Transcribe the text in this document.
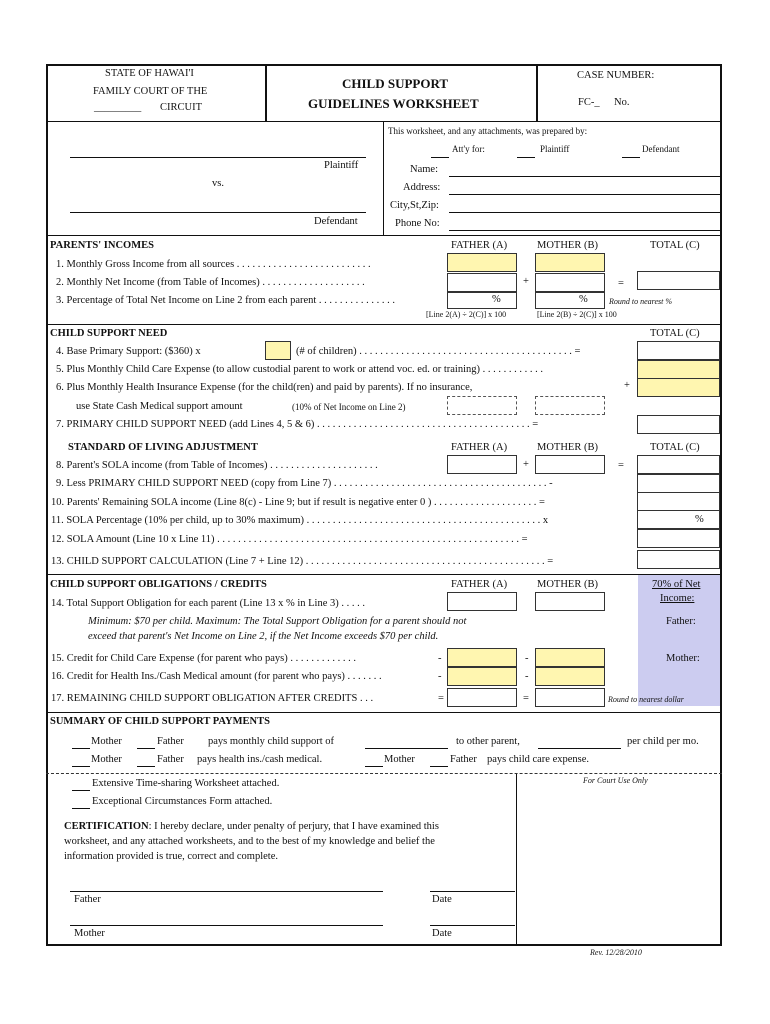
STATE OF HAWAI'I
FAMILY COURT OF THE
_________ CIRCUIT
CHILD SUPPORT
GUIDELINES WORKSHEET
CASE NUMBER:
FC-_ No.
This worksheet, and any attachments, was prepared by:
Att'y for:	Plaintiff	Defendant
Plaintiff
vs.
Defendant
Name:
Address:
City,St,Zip:
Phone No:
PARENTS' INCOMES	FATHER (A)	MOTHER (B)	TOTAL (C)
1. Monthly Gross Income from all sources . . . . . . . . . . . . . . . . . . . . . . . . . .
2. Monthly Net Income (from Table of Incomes) . . . . . . . . . . . . . . . . . . . .	+	=
3. Percentage of Total Net Income on Line 2 from each parent . . . . . . . . . . . . . . .	%	%	Round to nearest %
[Line 2(A) ÷ 2(C)] x 100	[Line 2(B) ÷ 2(C)] x 100
CHILD SUPPORT NEED	TOTAL (C)
4. Base Primary Support: ($360) x	(# of children) . . . . . . . . . . . . . . . . . . . . . . . . . . . . . . . . . . . . . . . . . =
5. Plus Monthly Child Care Expense (to allow custodial parent to work or attend voc. ed. or training) . . . . . . . . . . . .
6. Plus Monthly Health Insurance Expense (for the child(ren) and paid by parents). If no insurance,	+
use State Cash Medical support amount	(10% of Net Income on Line 2)
7. PRIMARY CHILD SUPPORT NEED (add Lines 4, 5 & 6) . . . . . . . . . . . . . . . . . . . . . . . . . . . . . . . . . . . . . . . . . =
STANDARD OF LIVING ADJUSTMENT	FATHER (A)	MOTHER (B)	TOTAL (C)
8. Parent's SOLA income (from Table of Incomes) . . . . . . . . . . . . . . . . . . . . .	+	=
9. Less PRIMARY CHILD SUPPORT NEED (copy from Line 7) . . . . . . . . . . . . . . . . . . . . . . . . . . . . . . . . . . . . . . . . . -
10. Parents' Remaining SOLA income (Line 8(c) - Line 9; but if result is negative enter 0 ) . . . . . . . . . . . . . . . . . . . . =
11. SOLA Percentage (10% per child, up to 30% maximum) . . . . . . . . . . . . . . . . . . . . . . . . . . . . . . . . . . . . . . . . . . . . . x	%
12. SOLA Amount (Line 10 x Line 11) . . . . . . . . . . . . . . . . . . . . . . . . . . . . . . . . . . . . . . . . . . . . . . . . . . . . . . . . . . =
13. CHILD SUPPORT CALCULATION (Line 7 + Line 12) . . . . . . . . . . . . . . . . . . . . . . . . . . . . . . . . . . . . . . . . . . . . . . =
CHILD SUPPORT OBLIGATIONS / CREDITS	FATHER (A)	MOTHER (B)	70% of Net
Income:
14. Total Support Obligation for each parent (Line 13 x % in Line 3) . . . . .
Minimum: $70 per child. Maximum: The Total Support Obligation for a parent should not
exceed that parent's Net Income on Line 2, if the Net Income exceeds $70 per child.
Father:
15. Credit for Child Care Expense (for parent who pays) . . . . . . . . . . . . .	-	-	Mother:
16. Credit for Health Ins./Cash Medical amount (for parent who pays) . . . . . . .	-	-
17. REMAINING CHILD SUPPORT OBLIGATION AFTER CREDITS . . .	=	=	Round to nearest dollar
SUMMARY OF CHILD SUPPORT PAYMENTS
Mother	Father pays monthly child support of	to other parent,	per child per mo.
Mother	Father pays health ins./cash medical.	Mother	Father pays child care expense.
For Court Use Only
Extensive Time-sharing Worksheet attached.
Exceptional Circumstances Form attached.
CERTIFICATION: I hereby declare, under penalty of perjury, that I have examined this
worksheet, and any attached worksheets, and to the best of my knowledge and belief the
information provided is true, correct and complete.
Father	Date
Mother	Date
Rev. 12/28/2010
